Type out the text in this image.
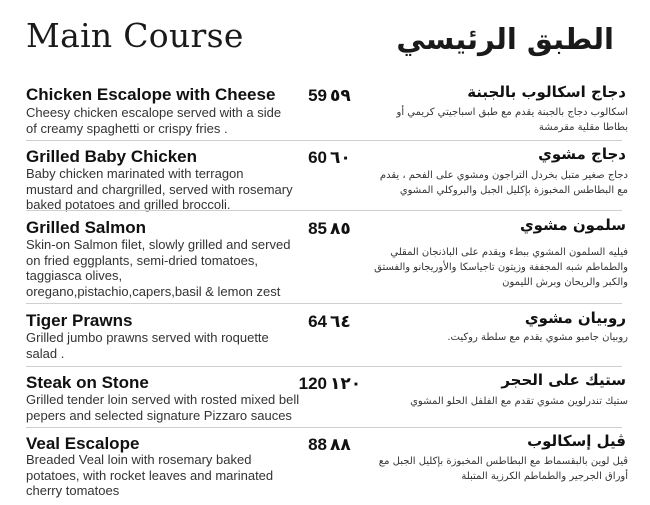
Main Course	الطبق الرئيسي
Chicken Escalope with Cheese
Cheesy chicken escalope served with a side of creamy spaghetti or crispy fries .
59 ٥٩	دجاج اسكالوب بالجبنة
اسكالوب دجاج بالجبنة يقدم مع طبق اسباجيتي كريمي أو بطاطا مقلية مقرمشة
Grilled Baby Chicken
Baby chicken marinated with terragon mustard and chargrilled, served with rosemary baked potatoes and grilled broccoli.
60 ٦٠	دجاج مشوي
دجاج صغير متبل بخردل التراجون ومشوي على الفحم ، يقدم مع البطاطس المخبوزة بإكليل الجبل والبروكلي المشوي
Grilled Salmon
Skin-on Salmon filet, slowly grilled and served on fried eggplants, semi-dried tomatoes, taggiasca olives, oregano,pistachio,capers,basil & lemon zest
85 ٨٥	سلمون مشوي
فيليه السلمون المشوي ببطء ويقدم على الباذنجان المقلي والطماطم شبه المجففة وزيتون تاجياسكا والأوريجانو والفستق والكبر والريحان وبرش الليمون
Tiger Prawns
Grilled jumbo prawns served with roquette salad .
64 ٦٤	روبيان مشوي
روبيان جامبو مشوي يقدم مع سلطة روكيت.
Steak on Stone
Grilled tender loin served with rosted mixed bell pepers and selected signature Pizzaro sauces
120 ١٢٠	ستيك على الحجر
ستيك تندرلوين مشوي تقدم مع الفلفل الحلو المشوي
Veal Escalope
Breaded Veal loin with rosemary baked potatoes, with rocket leaves and marinated cherry tomatoes
88 ٨٨	ڤيل إسكالوب
ڤيل لوين بالبقسماط مع البطاطس المخبوزة بإكليل الجبل مع أوراق الجرجير والطماطم الكرزية المتبلة
